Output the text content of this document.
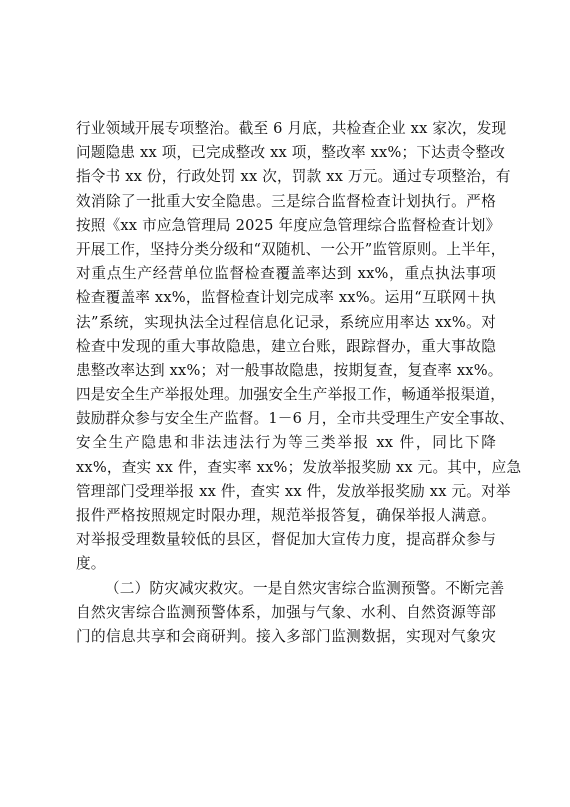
行业领域开展专项整治。截至 6 月底，共检查企业 xx 家次，发现
问题隐患 xx 项，已完成整改 xx 项，整改率 xx%；下达责令整改
指令书 xx 份，行政处罚 xx 次，罚款 xx 万元。通过专项整治，有
效消除了一批重大安全隐患。三是综合监督检查计划执行。严格
按照《xx 市应急管理局 2025 年度应急管理综合监督检查计划》
开展工作，坚持分类分级和“双随机、一公开”监管原则。上半年，
对重点生产经营单位监督检查覆盖率达到 xx%，重点执法事项
检查覆盖率 xx%，监督检查计划完成率 xx%。运用“互联网＋执
法”系统，实现执法全过程信息化记录，系统应用率达 xx%。对
检查中发现的重大事故隐患，建立台账，跟踪督办，重大事故隐
患整改率达到 xx%；对一般事故隐患，按期复查，复查率 xx%。
四是安全生产举报处理。加强安全生产举报工作，畅通举报渠道，
鼓励群众参与安全生产监督。1－6 月，全市共受理生产安全事故、
安全生产隐患和非法违法行为等三类举报 xx 件，同比下降
xx%，查实 xx 件，查实率 xx%；发放举报奖励 xx 元。其中，应急
管理部门受理举报 xx 件，查实 xx 件，发放举报奖励 xx 元。对举
报件严格按照规定时限办理，规范举报答复，确保举报人满意。
对举报受理数量较低的县区，督促加大宣传力度，提高群众参与
度。
（二）防灾减灾救灾。一是自然灾害综合监测预警。不断完善
自然灾害综合监测预警体系，加强与气象、水利、自然资源等部
门的信息共享和会商研判。接入多部门监测数据，实现对气象灾
